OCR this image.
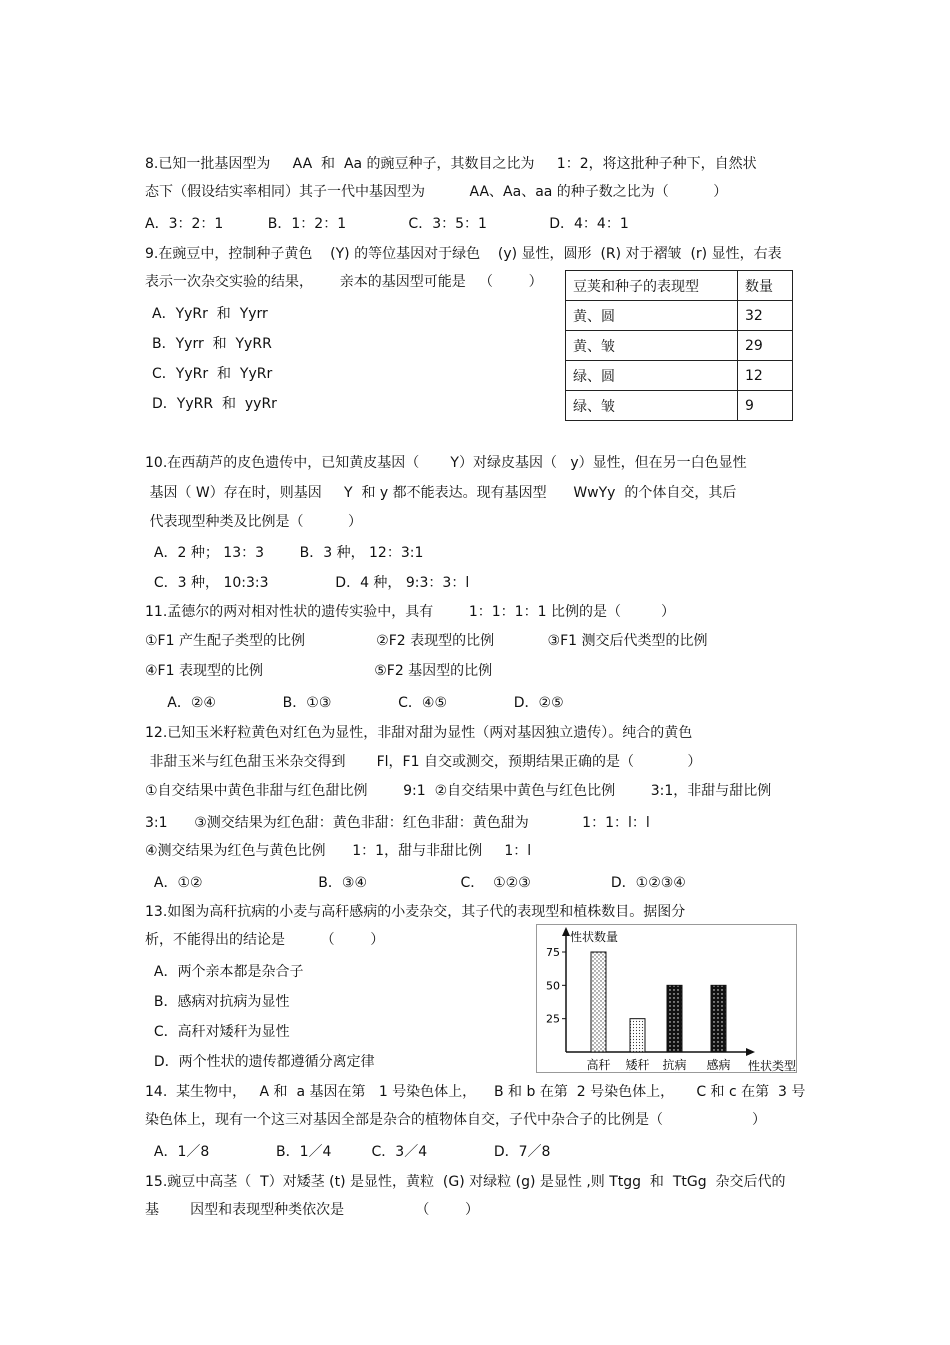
8.已知一批基因型为     AA  和  Aa 的豌豆种子，其数目之比为     1：2，将这批种子种下，自然状
态下（假设结实率相同）其子一代中基因型为          AA、Aa、aa 的种子数之比为（          ）
A．3：2：1          B．1：2：1              C．3：5：1              D．4：4：1
9.在豌豆中，控制种子黄色    (Y) 的等位基因对于绿色    (y) 显性，圆形  (R) 对于褶皱  (r) 显性，右表
表示一次杂交实验的结果，      亲本的基因型可能是   （        ）
A．YyRr  和  Yyrr
B．Yyrr  和  YyRR
C．YyRr  和  YyRr
D．YyRR  和  yyRr
豆荚和种子的表现型	数量
黄、圆	32
黄、皱	29
绿、圆	12
绿、皱	9
10.在西葫芦的皮色遗传中，已知黄皮基因（       Y）对绿皮基因（   y）显性，但在另一白色显性
基因（ W）存在时，则基因     Y  和 y 都不能表达。现有基因型      WwYy  的个体自交，其后
代表现型种类及比例是（          ）
A．2 种； 13：3        B．3 种， 12：3:1
C．3 种， 10:3:3               D．4 种， 9:3：3：l
11.孟德尔的两对相对性状的遗传实验中，具有        1：1：1：1 比例的是（         ）
①F1 产生配子类型的比例                ②F2 表现型的比例            ③F1 测交后代类型的比例
④F1 表现型的比例                         ⑤F2 基因型的比例
A．②④               B．①③               C．④⑤               D．②⑤
12.已知玉米籽粒黄色对红色为显性，非甜对甜为显性（两对基因独立遗传）。纯合的黄色
非甜玉米与红色甜玉米杂交得到       Fl，F1 自交或测交，预期结果正确的是（            ）
①自交结果中黄色非甜与红色甜比例        9:1  ②自交结果中黄色与红色比例        3:1，非甜与甜比例
3:1      ③测交结果为红色甜：黄色非甜：红色非甜：黄色甜为            1：1：l：l
④测交结果为红色与黄色比例      1：1，甜与非甜比例     1：l
A．①②                          B．③④                     C．  ①②③                  D．①②③④
13.如图为高秆抗病的小麦与高秆感病的小麦杂交，其子代的表现型和植株数目。据图分
析，不能得出的结论是        （        ）
A．两个亲本都是杂合子
B．感病对抗病为显性
C．高秆对矮秆为显性
D．两个性状的遗传都遵循分离定律
性状数量
性状类型
高秆 矮秆 抗病 感病
25
50
75
14.  某生物中，   A 和  a 基因在第   1 号染色体上，    B 和 b 在第  2 号染色体上，     C 和 c 在第  3 号
染色体上，现有一个这三对基因全部是杂合的植物体自交，子代中杂合子的比例是（                    ）
A．1／8               B．1／4         C．3／4               D．7／8
15.豌豆中高茎（  T）对矮茎 (t) 是显性，黄粒  (G) 对绿粒 (g) 是显性 ,则 Ttgg  和  TtGg  杂交后代的
基       因型和表现型种类依次是                （        ）
